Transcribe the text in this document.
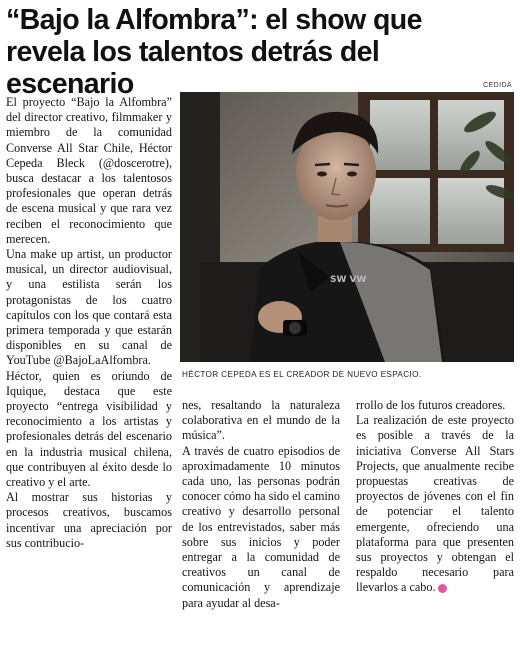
“Bajo la Alfombra”: el show que
revela los talentos detrás del escenario	CEDIDA
SW VW
HÉCTOR CEPEDA ES EL CREADOR DE NUEVO ESPACIO.

El proyecto “Bajo la Alfombra” del director creativo, filmmaker y miembro de la comunidad Converse All Star Chile, Héctor Cepeda Bleck (@doscerotre), busca destacar a los talentosos profesionales que operan detrás de escena musical y que rara vez reciben el reconocimiento que merecen.

Una make up artist, un productor musical, un director audiovisual, y una estilista serán los protagonistas de los cuatro capítulos con los que contará esta primera temporada y que estarán disponibles en su canal de YouTube @BajoLaAlfombra.

Héctor, quien es oriundo de Iquique, destaca que este proyecto “entrega visibilidad y reconocimiento a los artistas y profesionales detrás del escenario en la industria musical chilena, que contribuyen al éxito desde lo creativo y el arte.

Al mostrar sus historias y procesos creativos, buscamos incentivar una apreciación por sus contribucio-

nes, resaltando la naturaleza colaborativa en el mundo de la música”.

A través de cuatro episodios de aproximadamente 10 minutos cada uno, las personas podrán conocer cómo ha sido el camino creativo y desarrollo personal de los entrevistados, saber más sobre sus inicios y poder entregar a la comunidad de creativos un canal de comunicación y aprendizaje para ayudar al desa-

rrollo de los futuros creadores.

La realización de este proyecto es posible a través de la iniciativa Converse All Stars Projects, que anualmente recibe propuestas creativas de proyectos de jóvenes con el fin de potenciar el talento emergente, ofreciendo una plataforma para que presenten sus proyectos y obtengan el respaldo necesario para llevarlos a cabo.
